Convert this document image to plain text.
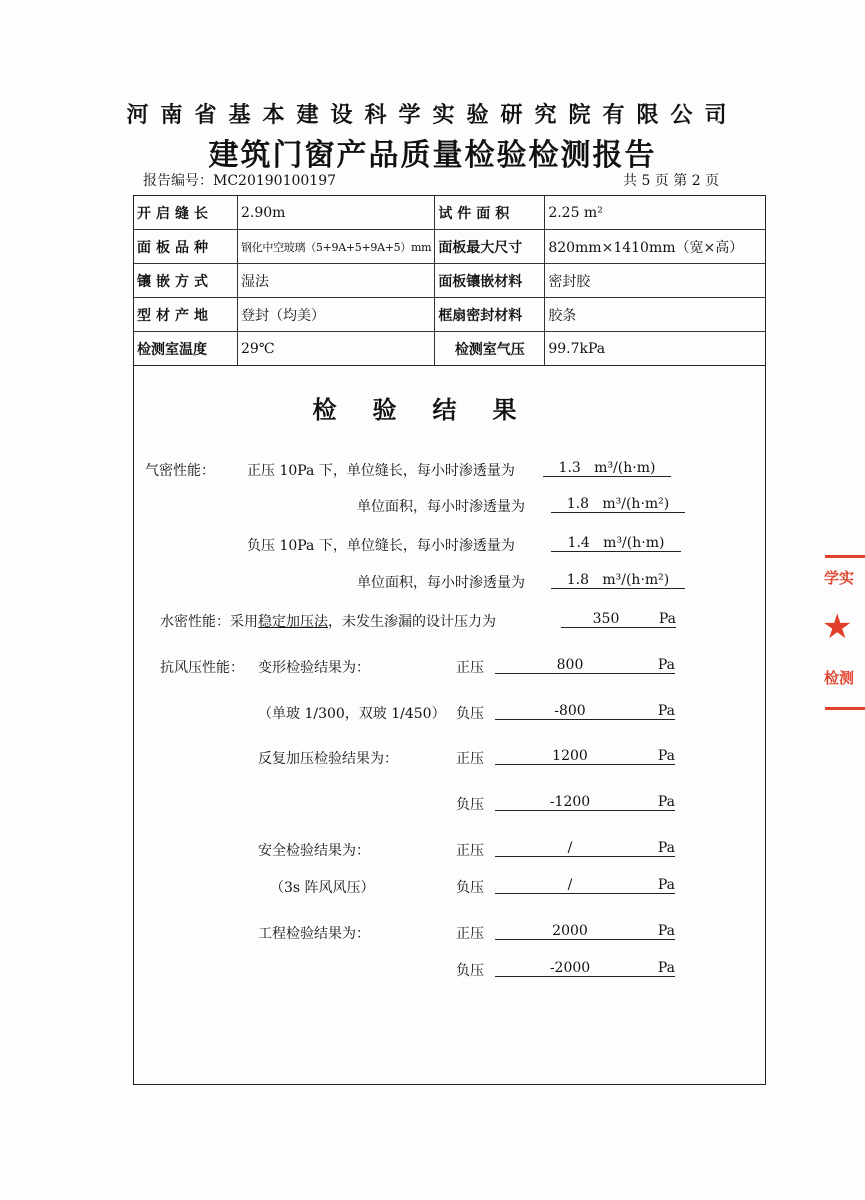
河南省基本建设科学实验研究院有限公司
建筑门窗产品质量检验检测报告
报告编号：MC20190100197	共 5 页 第 2 页
开启缝长	2.90m	试件面积	2.25 m²
面板品种	钢化中空玻璃（5+9A+5+9A+5）mm	面板最大尺寸	820mm×1410mm（宽×高）
镶嵌方式	湿法	面板镶嵌材料	密封胶
型材产地	登封（均美）	框扇密封材料	胶条
检测室温度	29℃	检测室气压	99.7kPa
检验结果
气密性能： 正压 10Pa 下，单位缝长，每小时渗透量为	1.3 m³/(h·m)
单位面积，每小时渗透量为	1.8 m³/(h·m²)
负压 10Pa 下，单位缝长，每小时渗透量为	1.4 m³/(h·m)
单位面积，每小时渗透量为	1.8 m³/(h·m²)
水密性能：采用稳定加压法，未发生渗漏的设计压力为	350	Pa
抗风压性能： 变形检验结果为：	正压	800	Pa
（单玻 1/300，双玻 1/450） 负压	-800	Pa
反复加压检验结果为：	正压	1200	Pa
负压	-1200	Pa
安全检验结果为：	正压	/	Pa
（3s 阵风风压）	负压	/	Pa
工程检验结果为：	正压	2000	Pa
负压	-2000	Pa
学实
★
检测
